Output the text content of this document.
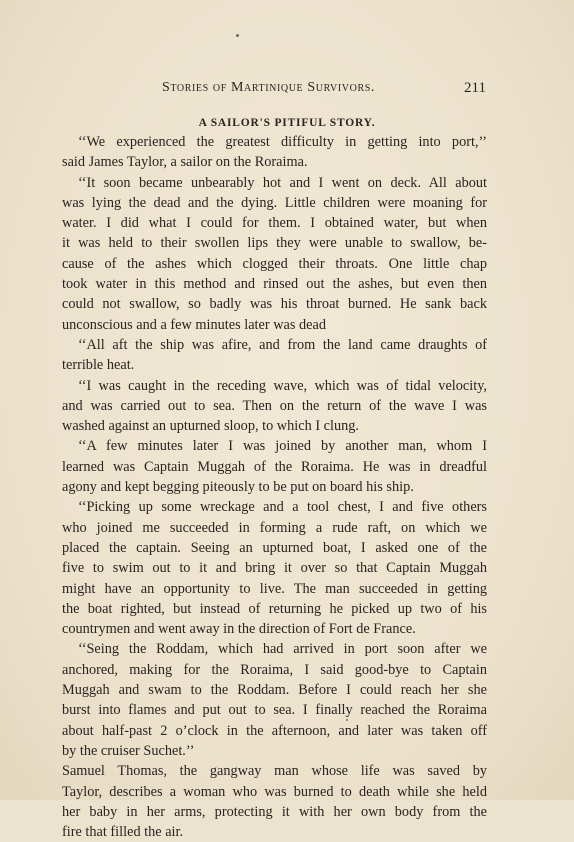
Stories of Martinique Survivors.	211
A SAILOR'S PITIFUL STORY.
‘‘We experienced the greatest difficulty in getting into port,’’
said James Taylor, a sailor on the Roraima.
‘‘It soon became unbearably hot and I went on deck. All about
was lying the dead and the dying. Little children were moaning for
water. I did what I could for them. I obtained water, but when
it was held to their swollen lips they were unable to swallow, be-
cause of the ashes which clogged their throats. One little chap
took water in this method and rinsed out the ashes, but even then
could not swallow, so badly was his throat burned. He sank back
unconscious and a few minutes later was dead
‘‘All aft the ship was afire, and from the land came draughts of
terrible heat.
‘‘I was caught in the receding wave, which was of tidal velocity,
and was carried out to sea. Then on the return of the wave I was
washed against an upturned sloop, to which I clung.
‘‘A few minutes later I was joined by another man, whom I
learned was Captain Muggah of the Roraima. He was in dreadful
agony and kept begging piteously to be put on board his ship.
‘‘Picking up some wreckage and a tool chest, I and five others
who joined me succeeded in forming a rude raft, on which we
placed the captain. Seeing an upturned boat, I asked one of the
five to swim out to it and bring it over so that Captain Muggah
might have an opportunity to live. The man succeeded in getting
the boat righted, but instead of returning he picked up two of his
countrymen and went away in the direction of Fort de France.
‘‘Seing the Roddam, which had arrived in port soon after we
anchored, making for the Roraima, I said good-bye to Captain
Muggah and swam to the Roddam. Before I could reach her she
burst into flames and put out to sea. I finally reached the Roraima
about half-past 2 o’clock in the afternoon, and later was taken off
by the cruiser Suchet.’’
Samuel Thomas, the gangway man whose life was saved by
Taylor, describes a woman who was burned to death while she held
her baby in her arms, protecting it with her own body from the
fire that filled the air.
